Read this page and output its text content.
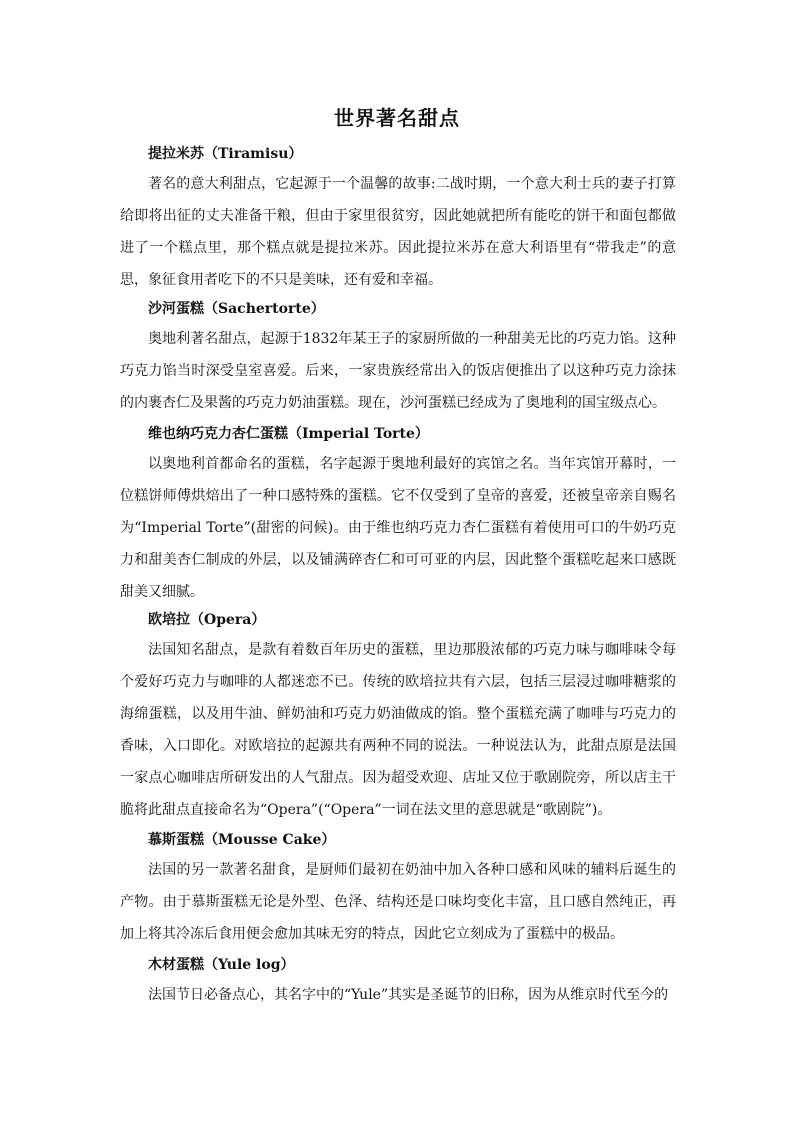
世界著名甜点

提拉米苏（Tiramisu）

著名的意大利甜点，它起源于一个温馨的故事:二战时期，一个意大利士兵的妻子打算给即将出征的丈夫准备干粮，但由于家里很贫穷，因此她就把所有能吃的饼干和面包都做进了一个糕点里，那个糕点就是提拉米苏。因此提拉米苏在意大利语里有“带我走”的意思，象征食用者吃下的不只是美味，还有爱和幸福。

沙河蛋糕（Sachertorte）

奥地利著名甜点，起源于1832年某王子的家厨所做的一种甜美无比的巧克力馅。这种巧克力馅当时深受皇室喜爱。后来，一家贵族经常出入的饭店便推出了以这种巧克力涂抹的内裹杏仁及果酱的巧克力奶油蛋糕。现在，沙河蛋糕已经成为了奥地利的国宝级点心。

维也纳巧克力杏仁蛋糕（Imperial Torte）

以奥地利首都命名的蛋糕，名字起源于奥地利最好的宾馆之名。当年宾馆开幕时，一位糕饼师傅烘焙出了一种口感特殊的蛋糕。它不仅受到了皇帝的喜爱，还被皇帝亲自赐名为“Imperial Torte”(甜密的问候)。由于维也纳巧克力杏仁蛋糕有着使用可口的牛奶巧克力和甜美杏仁制成的外层，以及铺满碎杏仁和可可亚的内层，因此整个蛋糕吃起来口感既甜美又细腻。

欧培拉（Opera）

法国知名甜点，是款有着数百年历史的蛋糕，里边那股浓郁的巧克力味与咖啡味令每个爱好巧克力与咖啡的人都迷恋不已。传统的欧培拉共有六层，包括三层浸过咖啡糖浆的海绵蛋糕，以及用牛油、鲜奶油和巧克力奶油做成的馅。整个蛋糕充满了咖啡与巧克力的香味，入口即化。对欧培拉的起源共有两种不同的说法。一种说法认为，此甜点原是法国一家点心咖啡店所研发出的人气甜点。因为超受欢迎、店址又位于歌剧院旁，所以店主干脆将此甜点直接命名为“Opera”(“Opera”一词在法文里的意思就是“歌剧院”)。

慕斯蛋糕（Mousse Cake）

法国的另一款著名甜食，是厨师们最初在奶油中加入各种口感和风味的辅料后诞生的产物。由于慕斯蛋糕无论是外型、色泽、结构还是口味均变化丰富，且口感自然纯正，再加上将其冷冻后食用便会愈加其味无穷的特点，因此它立刻成为了蛋糕中的极品。

木材蛋糕（Yule log）

法国节日必备点心，其名字中的“Yule”其实是圣诞节的旧称，因为从维京时代至今的
